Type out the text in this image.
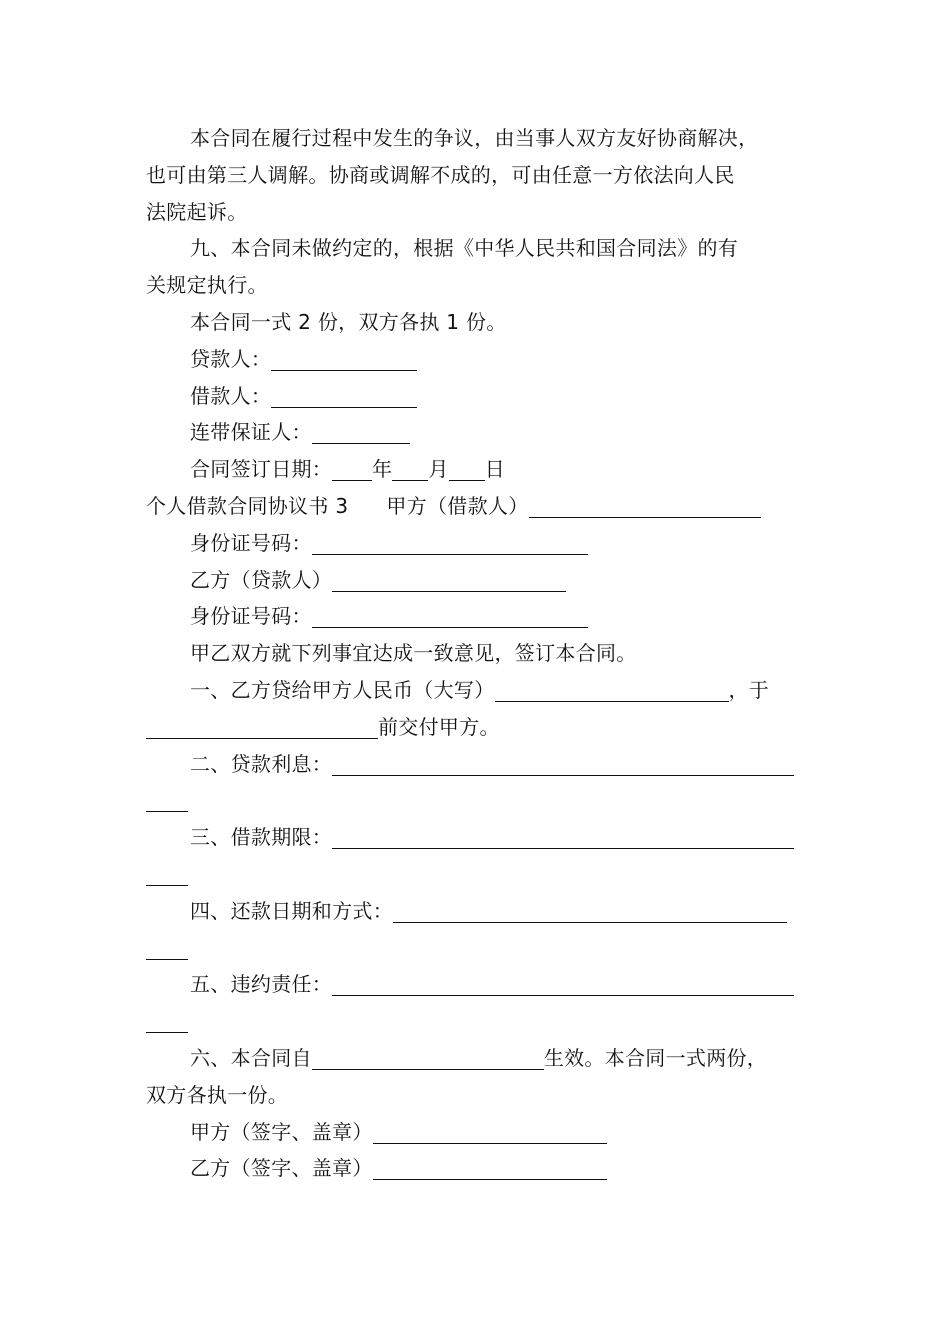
本合同在履行过程中发生的争议，由当事人双方友好协商解决，

也可由第三人调解。协商或调解不成的，可由任意一方依法向人民

法院起诉。

九、本合同未做约定的，根据《中华人民共和国合同法》的有

关规定执行。

本合同一式 2 份，双方各执 1 份。

贷款人：

借款人：

连带保证人：

合同签订日期： 年 月 日

个人借款合同协议书 3 甲方（借款人）

身份证号码：

乙方（贷款人）

身份证号码：

甲乙双方就下列事宜达成一致意见，签订本合同。

一、乙方贷给甲方人民币（大写）	，于

前交付甲方。

二、贷款利息：

三、借款期限：

四、还款日期和方式：

五、违约责任：

六、本合同自	生效。本合同一式两份，

双方各执一份。

甲方（签字、盖章）

乙方（签字、盖章）
